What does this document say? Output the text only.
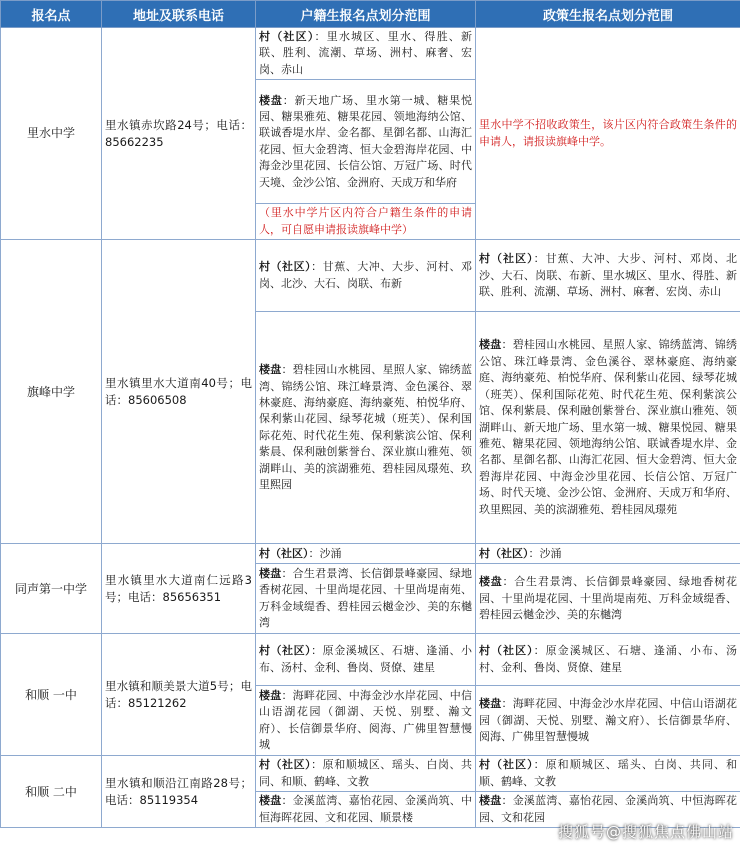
报名点	地址及联系电话	户籍生报名点划分范围	政策生报名点划分范围
里水中学	里水镇赤坎路24号；电话：85662235	村（社区）：里水城区、里水、得胜、新联、胜利、流潮、草场、洲村、麻奢、宏岗、赤山	里水中学不招收政策生，该片区内符合政策生条件的申请人，请报读旗峰中学。
		楼盘：新天地广场、里水第一城、糖果悦园、糖果雅苑、糖果花园、领地海纳公馆、联诚香堤水岸、金名都、星御名都、山海汇花园、恒大金碧湾、恒大金碧海岸花园、中海金沙里花园、长信公馆、万冠广场、时代天境、金沙公馆、金洲府、天成万和华府	
		（里水中学片区内符合户籍生条件的申请人，可自愿申请报读旗峰中学）	
旗峰中学	里水镇里水大道南40号；电话：85606508	村（社区）：甘蕉、大冲、大步、河村、邓岗、北沙、大石、岗联、布新	村（社区）：甘蕉、大冲、大步、河村、邓岗、北沙、大石、岗联、布新、里水城区、里水、得胜、新联、胜利、流潮、草场、洲村、麻奢、宏岗、赤山
		楼盘：碧桂园山水桃园、星照人家、锦绣蓝湾、锦绣公馆、珠江峰景湾、金色溪谷、翠林豪庭、海纳豪庭、海纳豪苑、柏悦华府、保利紫山花园、绿琴花城（班芙）、保利国际花苑、时代花生苑、保利紫滨公馆、保利紫晨、保利融创紫誉台、深业旗山雅苑、领湖畔山、美的滨湖雅苑、碧桂园凤璟苑、玖里熙园	楼盘：碧桂园山水桃园、星照人家、锦绣蓝湾、锦绣公馆、珠江峰景湾、金色溪谷、翠林豪庭、海纳豪庭、海纳豪苑、柏悦华府、保利紫山花园、绿琴花城（班芙）、保利国际花苑、时代花生苑、保利紫滨公馆、保利紫晨、保利融创紫誉台、深业旗山雅苑、领湖畔山、新天地广场、里水第一城、糖果悦园、糖果雅苑、糖果花园、领地海纳公馆、联诚香堤水岸、金名都、星御名都、山海汇花园、恒大金碧湾、恒大金碧海岸花园、中海金沙里花园、长信公馆、万冠广场、时代天境、金沙公馆、金洲府、天成万和华府、玖里熙园、美的滨湖雅苑、碧桂园凤璟苑
同声第一中学	里水镇里水大道南仁远路3号；电话：85656351	村（社区）：沙涌	村（社区）：沙涌
		楼盘：合生君景湾、长信御景峰豪园、绿地香树花园、十里尚堤花园、十里尚堤南苑、万科金域缇香、碧桂园云樾金沙、美的东樾湾	楼盘：合生君景湾、长信御景峰豪园、绿地香树花园、十里尚堤花园、十里尚堤南苑、万科金域缇香、碧桂园云樾金沙、美的东樾湾
和顺 一中	里水镇和顺美景大道5号；电话：85121262	村（社区）：原金溪城区、石塘、逢涌、小布、汤村、金利、鲁岗、贤僚、建星	村（社区）：原金溪城区、石塘、逢涌、小布、汤村、金利、鲁岗、贤僚、建星
		楼盘：海畔花园、中海金沙水岸花园、中信山语湖花园（御湖、天悦、别墅、瀚文府）、长信御景华府、阅海、广佛里智慧慢城	楼盘：海畔花园、中海金沙水岸花园、中信山语湖花园（御湖、天悦、别墅、瀚文府）、长信御景华府、阅海、广佛里智慧慢城
和顺 二中	里水镇和顺沿江南路28号；电话：85119354	村（社区）：原和顺城区、瑶头、白岗、共同、和顺、鹤峰、文教	村（社区）：原和顺城区、瑶头、白岗、共同、和顺、鹤峰、文教
		楼盘：金溪蓝湾、嘉怡花园、金溪尚筑、中恒海晖花园、文和花园、顺景楼	楼盘：金溪蓝湾、嘉怡花园、金溪尚筑、中恒海晖花园、文和花园
搜狐号@搜狐焦点佛山站
